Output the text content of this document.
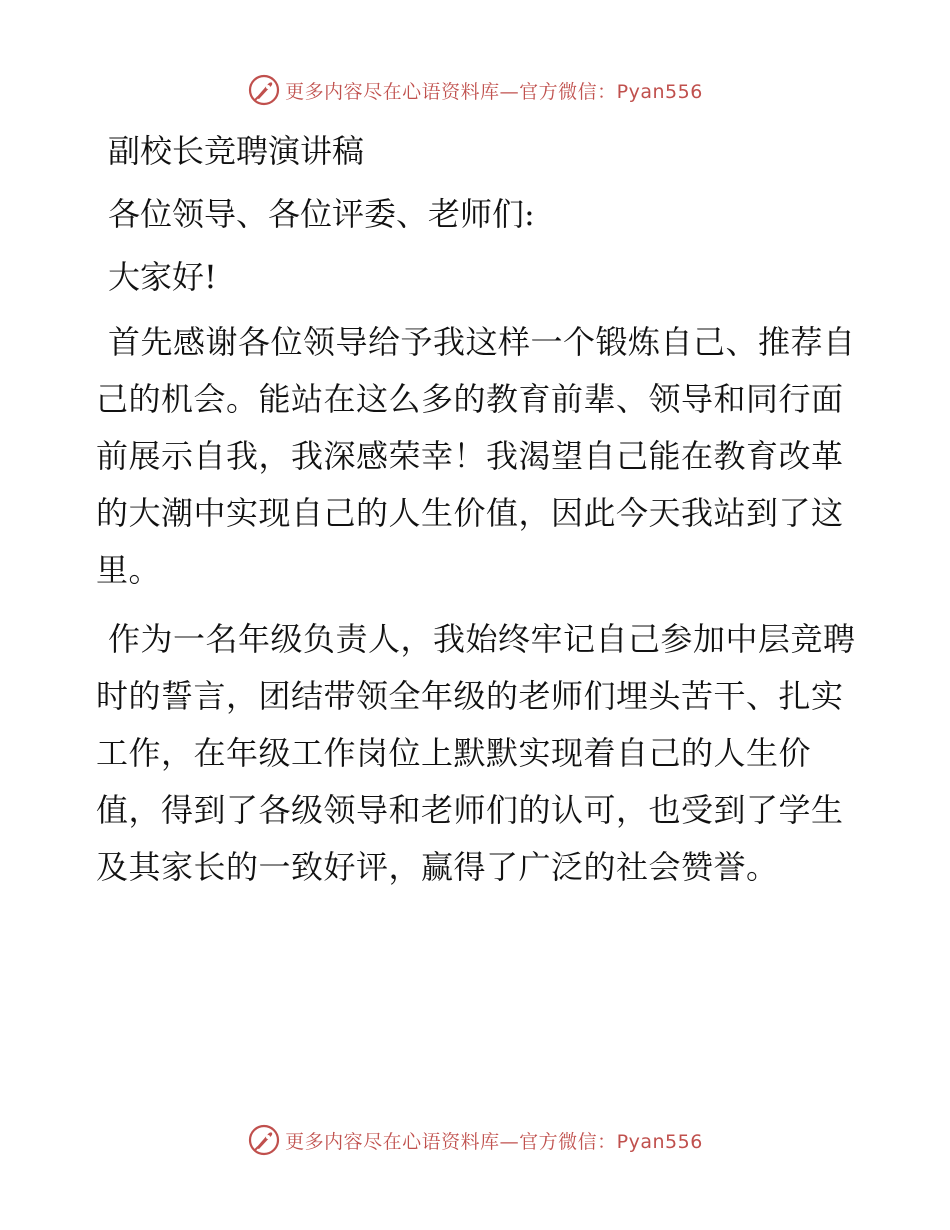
更多内容尽在心语资料库—官方微信：Pyan556

副校长竞聘演讲稿

各位领导、各位评委、老师们:

大家好!

首先感谢各位领导给予我这样一个锻炼自己、推荐自己的机会。能站在这么多的教育前辈、领导和同行面前展示自我，我深感荣幸！我渴望自己能在教育改革的大潮中实现自己的人生价值，因此今天我站到了这里。

作为一名年级负责人，我始终牢记自己参加中层竞聘时的誓言，团结带领全年级的老师们埋头苦干、扎实工作，在年级工作岗位上默默实现着自己的人生价值，得到了各级领导和老师们的认可，也受到了学生及其家长的一致好评，赢得了广泛的社会赞誉。

更多内容尽在心语资料库—官方微信：Pyan556
